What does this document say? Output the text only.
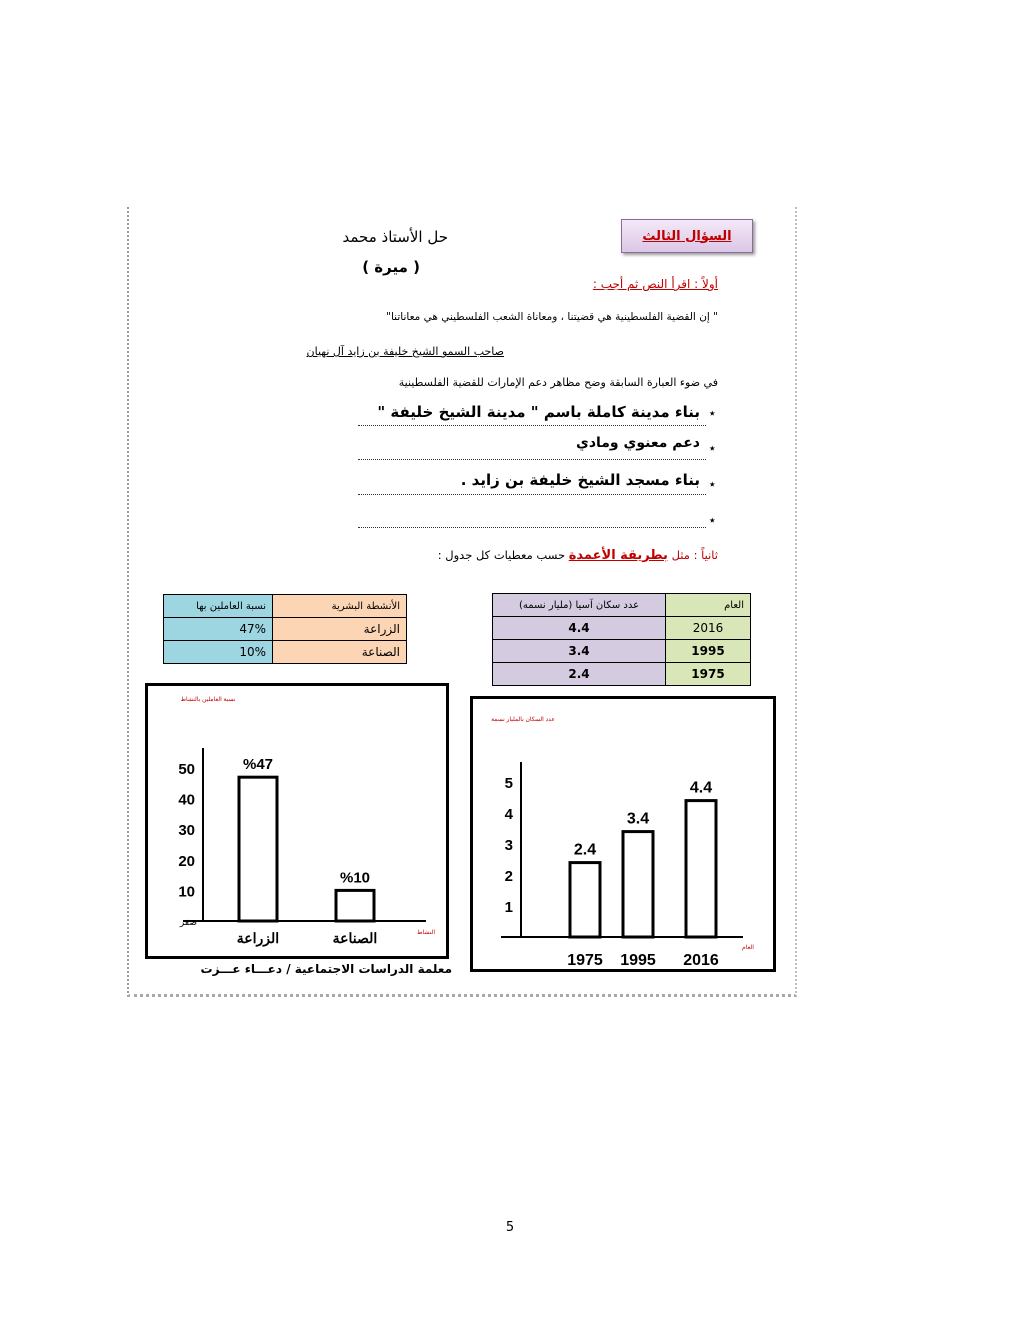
السؤال الثالث
حل الأستاذ محمد
( ميرة )
أولاً : اقرأ النص ثم أجب :
" إن القضية الفلسطينية هي قضيتنا ، ومعاناة الشعب الفلسطيني هي معاناتنا"
صاحب السمو الشيخ خليفة بن زايد آل نهيان
في ضوء العبارة السابقة وضح مظاهر دعم الإمارات للقضية الفلسطينية
٭
بناء مدينة كاملة باسم " مدينة الشيخ خليفة "
٭
دعم معنوي ومادي
٭
بناء مسجد الشيخ خليفة بن زايد .
٭
ثانياً : مثل بطريقة الأعمدة حسب معطيات كل جدول :
نسبة العاملين بها	الأنشطة البشرية
47%	الزراعة
10%	الصناعة
عدد سكان آسيا (مليار نسمه)	العام
4.4	2016
3.4	1995
2.4	1975
نسبة العاملين بالنشاط
النشاط
10
20
30
40
50
صفر
%47
الزراعة
%10
الصناعة
عدد السكان بالمليار نسمة
العام
1
2
3
4
5
2.4
1975
3.4
1995
4.4
2016
معلمة الدراسات الاجتماعية / دعـــاء عـــزت
5
